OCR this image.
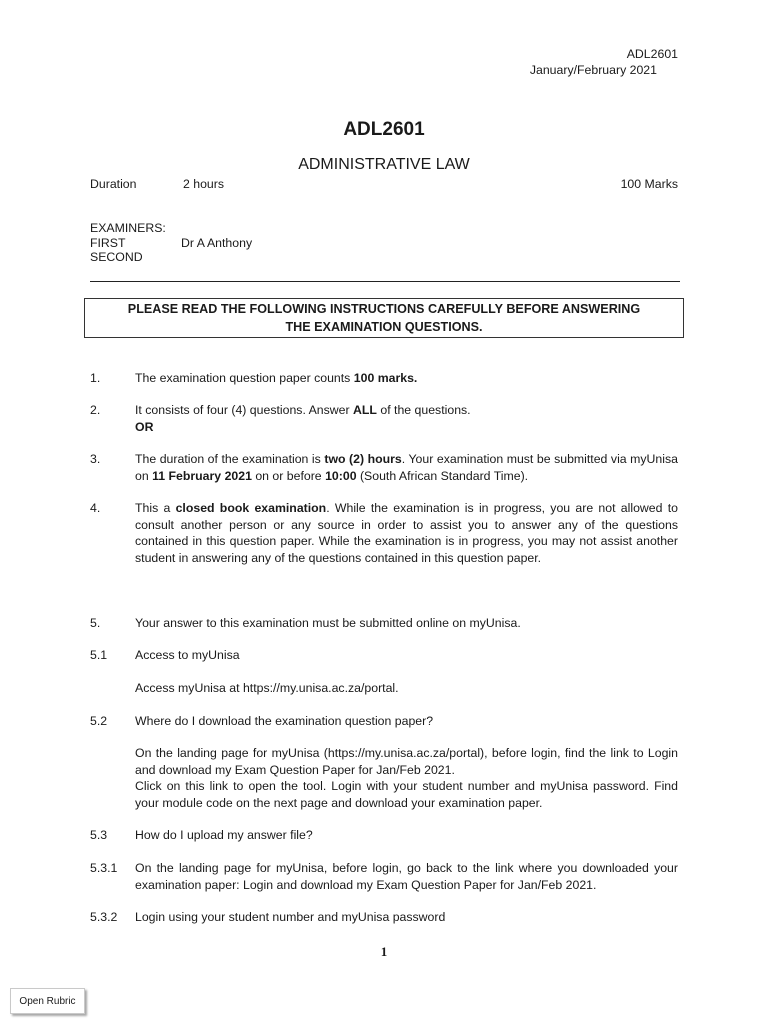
ADL2601
January/February 2021
ADL2601
ADMINISTRATIVE LAW
Duration	2 hours	100 Marks
EXAMINERS:
FIRST	Dr A Anthony
SECOND
PLEASE READ THE FOLLOWING INSTRUCTIONS CAREFULLY BEFORE ANSWERING
THE EXAMINATION QUESTIONS.
1.	The examination question paper counts 100 marks.
2.	It consists of four (4) questions. Answer ALL of the questions.

OR

3.	The duration of the examination is two (2) hours. Your examination must be submitted via myUnisa on 11 February 2021 on or before 10:00 (South African Standard Time).
4.	This a closed book examination. While the examination is in progress, you are not allowed to consult another person or any source in order to assist you to answer any of the questions contained in this question paper. While the examination is in progress, you may not assist another student in answering any of the questions contained in this question paper.
5.	Your answer to this examination must be submitted online on myUnisa.
5.1 Access to myUnisa
Access myUnisa at https://my.unisa.ac.za/portal.
5.2 Where do I download the examination question paper?

On the landing page for myUnisa (https://my.unisa.ac.za/portal), before login, find the link to Login and download my Exam Question Paper for Jan/Feb 2021.

Click on this link to open the tool. Login with your student number and myUnisa password. Find your module code on the next page and download your examination paper.

5.3 How do I upload my answer file?
5.3.1 On the landing page for myUnisa, before login, go back to the link where you downloaded your examination paper: Login and download my Exam Question Paper for Jan/Feb 2021.
5.3.2 Login using your student number and myUnisa password
1
Open Rubric
